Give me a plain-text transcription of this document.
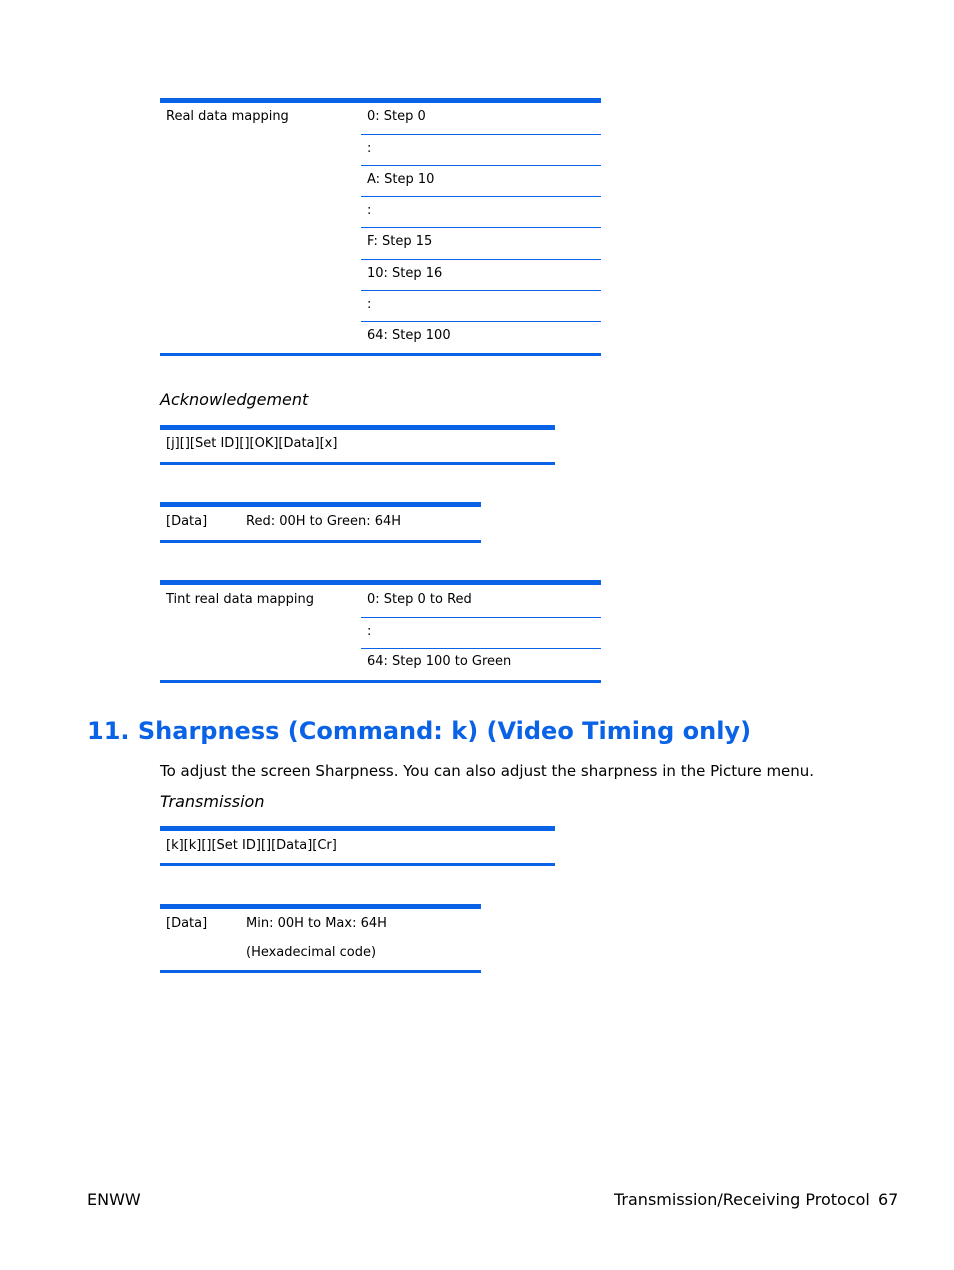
Real data mapping	0: Step 0
:
A: Step 10
:
F: Step 15
10: Step 16
:
64: Step 100
Acknowledgement
[j][][Set ID][][OK][Data][x]
[Data]	Red: 00H to Green: 64H
Tint real data mapping	0: Step 0 to Red
:
64: Step 100 to Green
11. Sharpness (Command: k) (Video Timing only)
To adjust the screen Sharpness. You can also adjust the sharpness in the Picture menu.
Transmission
[k][k][][Set ID][][Data][Cr]
[Data]	Min: 00H to Max: 64H
(Hexadecimal code)
ENWW	Transmission/Receiving Protocol 67
